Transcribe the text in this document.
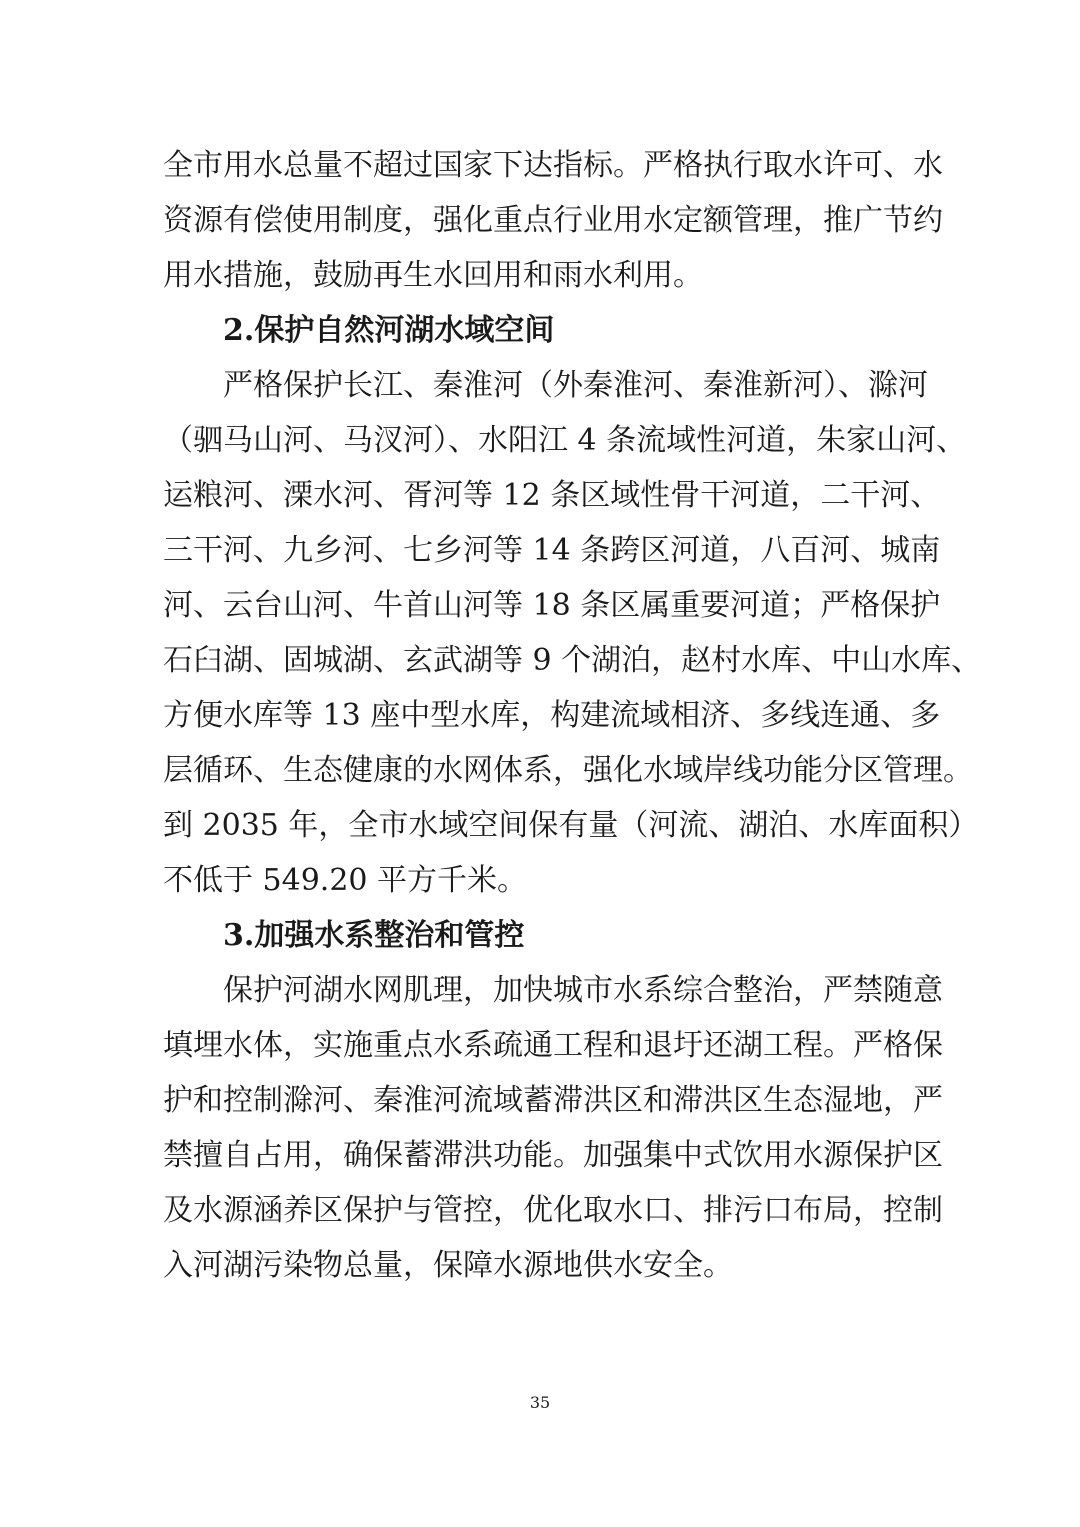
全市用水总量不超过国家下达指标。严格执行取水许可、水
资源有偿使用制度，强化重点行业用水定额管理，推广节约
用水措施，鼓励再生水回用和雨水利用。
2.保护自然河湖水域空间
严格保护长江、秦淮河（外秦淮河、秦淮新河）、滁河
（驷马山河、马汊河）、水阳江 4 条流域性河道，朱家山河、
运粮河、溧水河、胥河等 12 条区域性骨干河道，二干河、
三干河、九乡河、七乡河等 14 条跨区河道，八百河、城南
河、云台山河、牛首山河等 18 条区属重要河道；严格保护
石臼湖、固城湖、玄武湖等 9 个湖泊，赵村水库、中山水库、
方便水库等 13 座中型水库，构建流域相济、多线连通、多
层循环、生态健康的水网体系，强化水域岸线功能分区管理。
到 2035 年，全市水域空间保有量（河流、湖泊、水库面积）
不低于 549.20 平方千米。
3.加强水系整治和管控
保护河湖水网肌理，加快城市水系综合整治，严禁随意
填埋水体，实施重点水系疏通工程和退圩还湖工程。严格保
护和控制滁河、秦淮河流域蓄滞洪区和滞洪区生态湿地，严
禁擅自占用，确保蓄滞洪功能。加强集中式饮用水源保护区
及水源涵养区保护与管控，优化取水口、排污口布局，控制
入河湖污染物总量，保障水源地供水安全。
35
